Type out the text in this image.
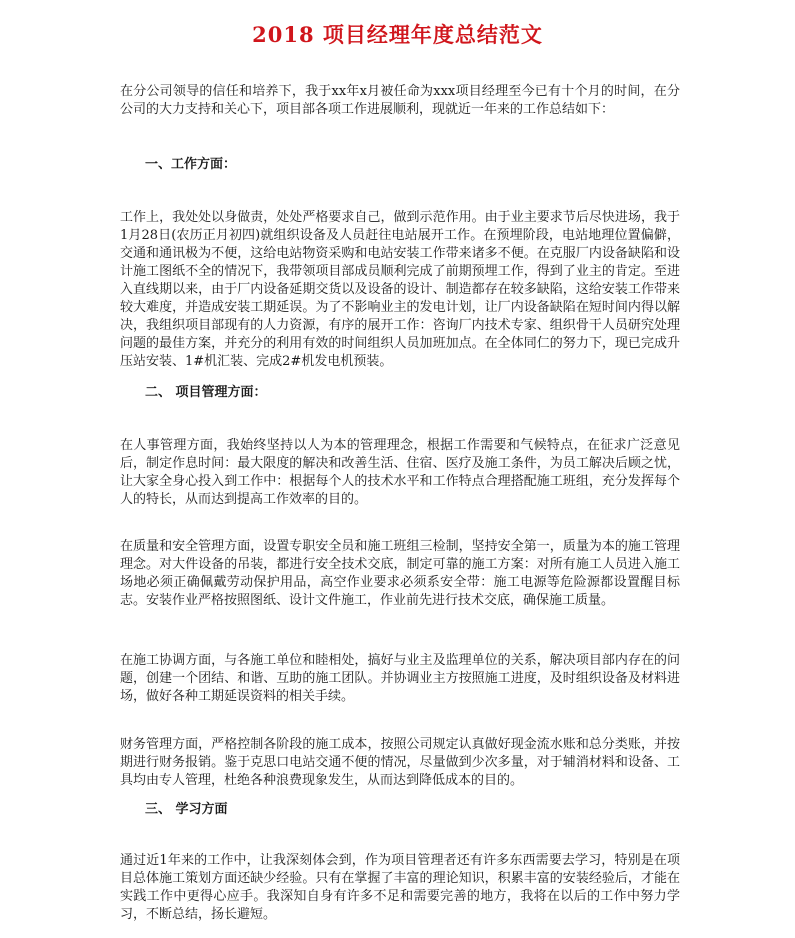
2018 项目经理年度总结范文

在分公司领导的信任和培养下，我于xx年x月被任命为xxx项目经理至今已有十个月的时间，在分公司的大力支持和关心下，项目部各项工作进展顺利，现就近一年来的工作总结如下：

一、工作方面：

工作上，我处处以身做责，处处严格要求自己，做到示范作用。由于业主要求节后尽快进场，我于1月28日(农历正月初四)就组织设备及人员赶往电站展开工作。在预埋阶段，电站地理位置偏僻，交通和通讯极为不便，这给电站物资采购和电站安装工作带来诸多不便。在克服厂内设备缺陷和设计施工图纸不全的情况下，我带领项目部成员顺利完成了前期预埋工作，得到了业主的肯定。至进入直线期以来，由于厂内设备延期交货以及设备的设计、制造都存在较多缺陷，这给安装工作带来较大难度，并造成安装工期延误。为了不影响业主的发电计划，让厂内设备缺陷在短时间内得以解决，我组织项目部现有的人力资源，有序的展开工作：咨询厂内技术专家、组织骨干人员研究处理问题的最佳方案，并充分的利用有效的时间组织人员加班加点。在全体同仁的努力下，现已完成升压站安装、1#机汇装、完成2#机发电机预装。

二、 项目管理方面：

在人事管理方面，我始终坚持以人为本的管理理念，根据工作需要和气候特点，在征求广泛意见后，制定作息时间：最大限度的解决和改善生活、住宿、医疗及施工条件，为员工解决后顾之忧，让大家全身心投入到工作中：根据每个人的技术水平和工作特点合理搭配施工班组，充分发挥每个人的特长，从而达到提高工作效率的目的。

在质量和安全管理方面，设置专职安全员和施工班组三检制，坚持安全第一，质量为本的施工管理理念。对大件设备的吊装，都进行安全技术交底，制定可靠的施工方案：对所有施工人员进入施工场地必须正确佩戴劳动保护用品，高空作业要求必须系安全带：施工电源等危险源都设置醒目标志。安装作业严格按照图纸、设计文件施工，作业前先进行技术交底，确保施工质量。

在施工协调方面，与各施工单位和睦相处，搞好与业主及监理单位的关系，解决项目部内存在的问题，创建一个团结、和谐、互助的施工团队。并协调业主方按照施工进度，及时组织设备及材料进场，做好各种工期延误资料的相关手续。

财务管理方面，严格控制各阶段的施工成本，按照公司规定认真做好现金流水账和总分类账，并按期进行财务报销。鉴于克思口电站交通不便的情况，尽量做到少次多量，对于辅消材料和设备、工具均由专人管理，杜绝各种浪费现象发生，从而达到降低成本的目的。

三、 学习方面

通过近1年来的工作中，让我深刻体会到，作为项目管理者还有许多东西需要去学习，特别是在项目总体施工策划方面还缺少经验。只有在掌握了丰富的理论知识，积累丰富的安装经验后，才能在实践工作中更得心应手。我深知自身有许多不足和需要完善的地方，我将在以后的工作中努力学习，不断总结，扬长避短。
